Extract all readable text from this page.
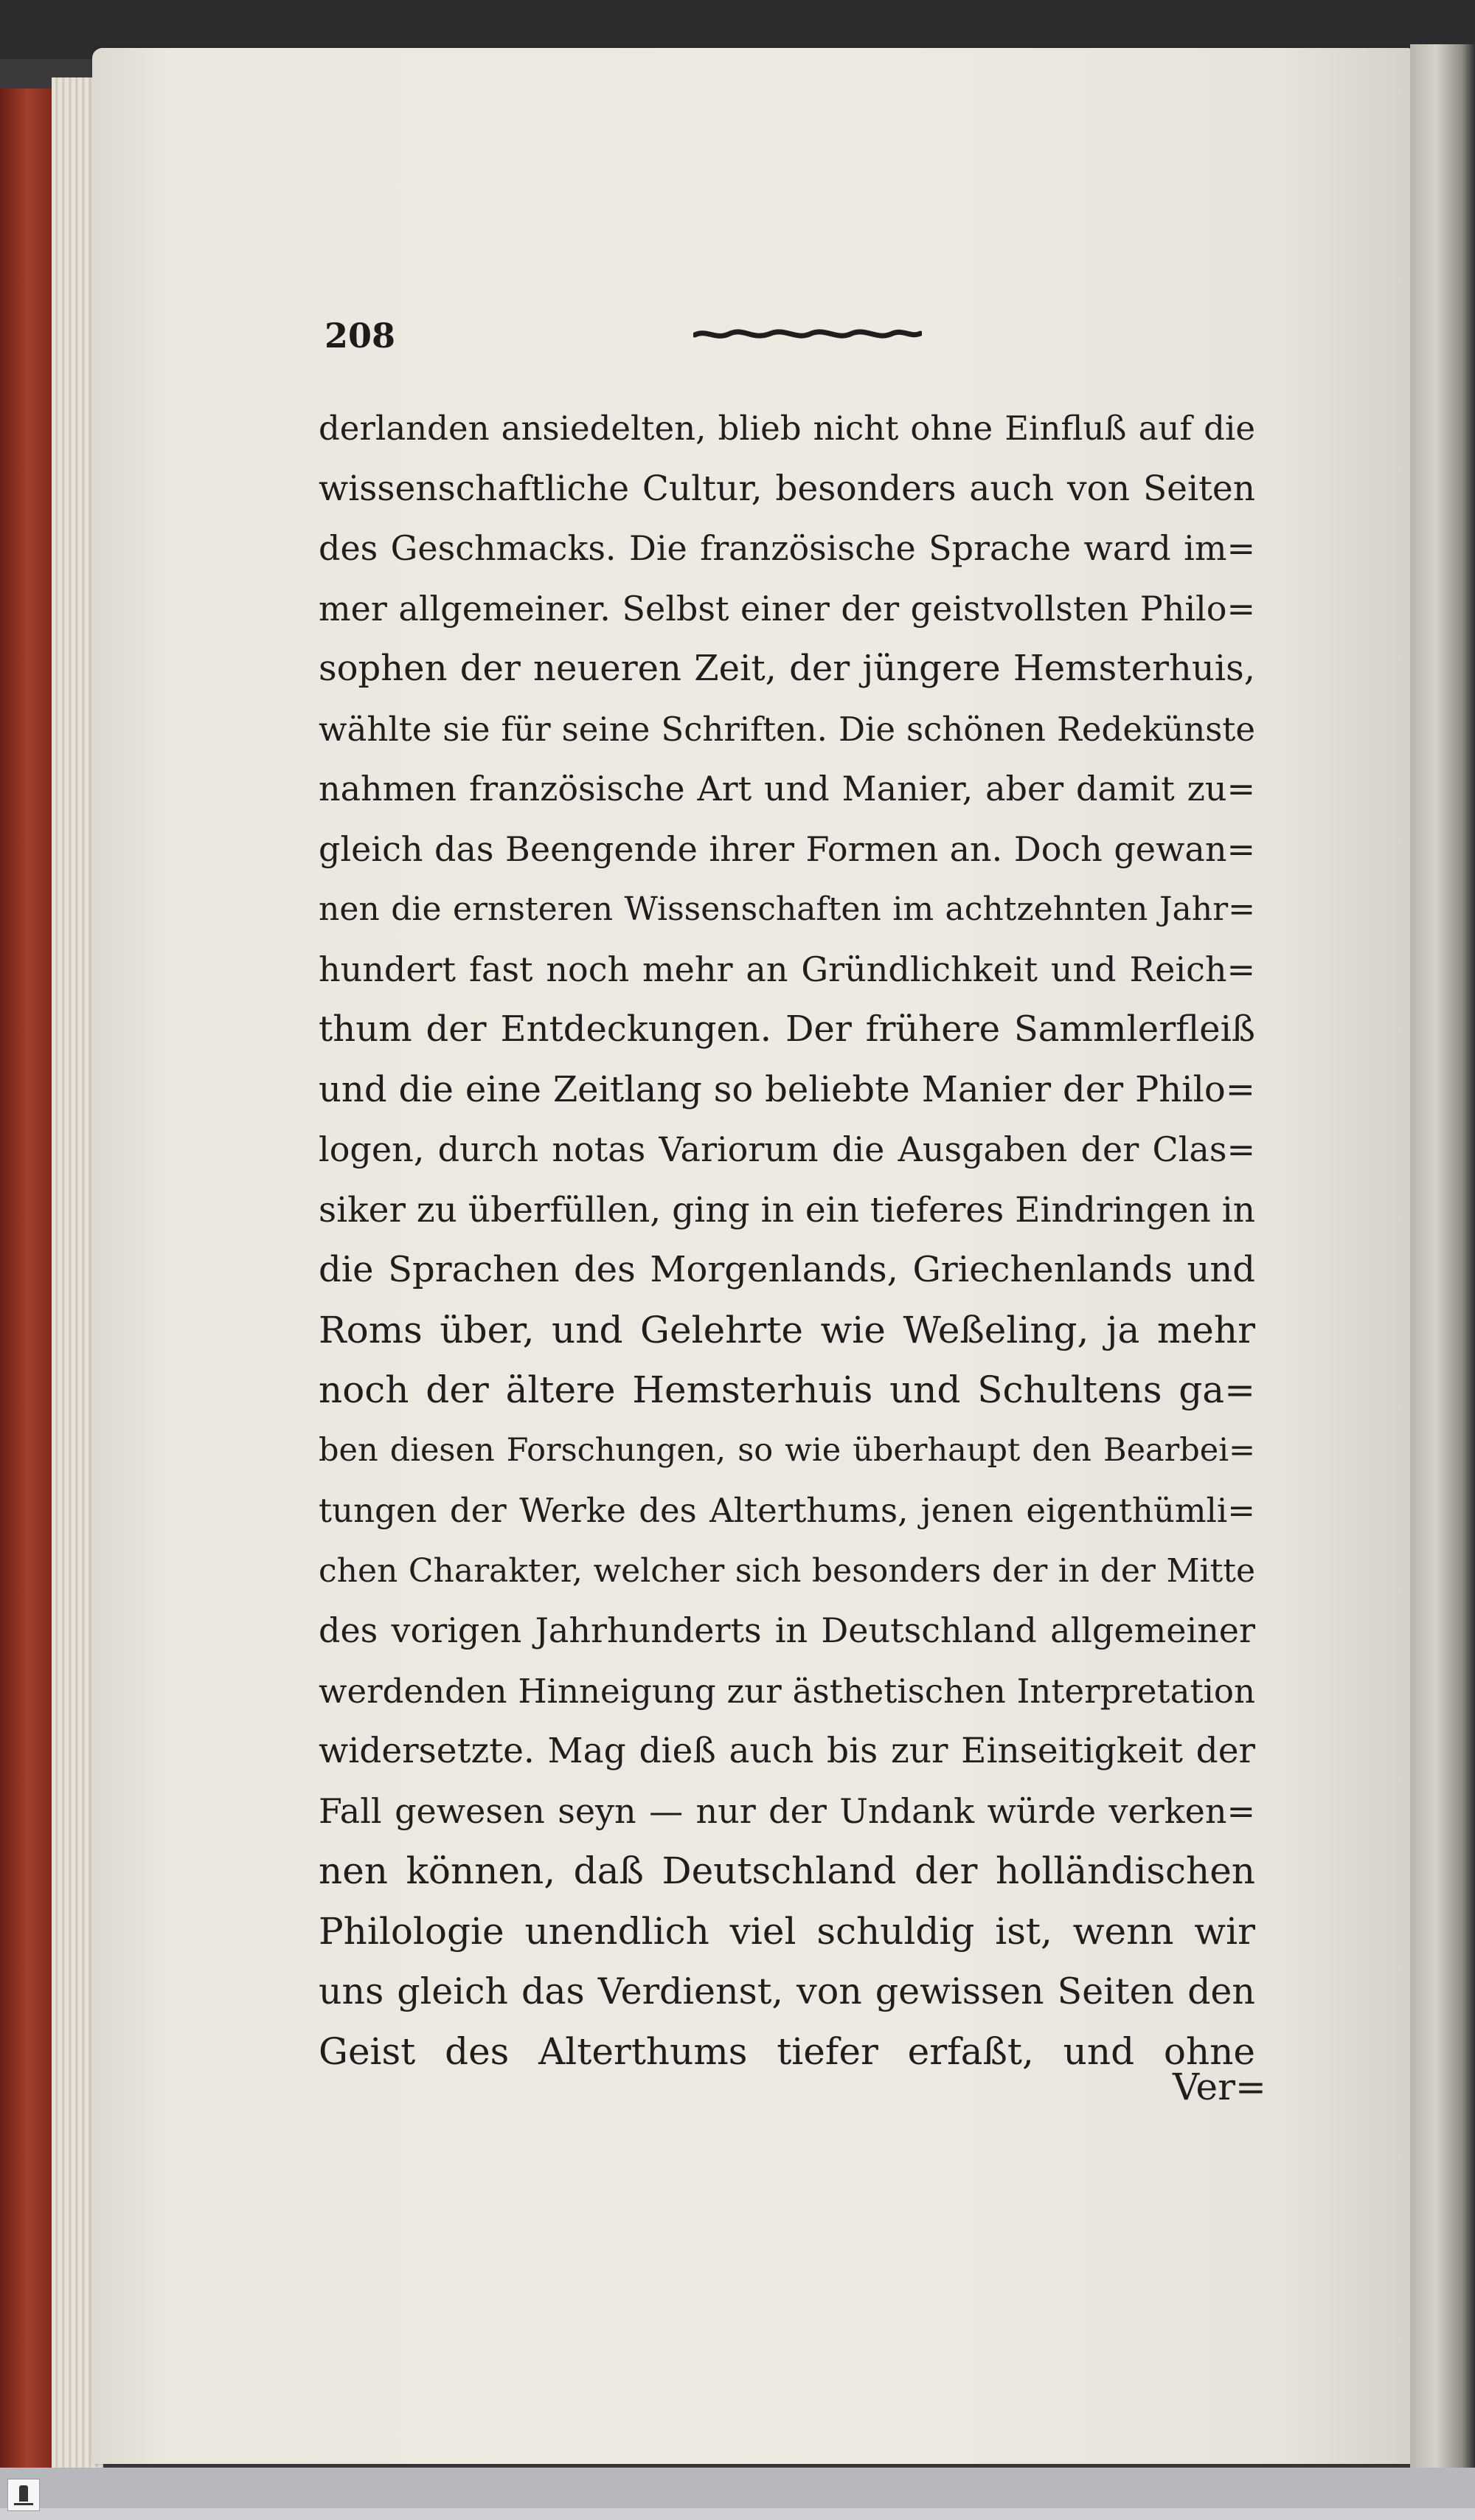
208
derlanden ansiedelten, blieb nicht ohne Einfluß auf die
wissenschaftliche Cultur, besonders auch von Seiten
des Geschmacks. Die französische Sprache ward im=
mer allgemeiner. Selbst einer der geistvollsten Philo=
sophen der neueren Zeit, der jüngere Hemsterhuis,
wählte sie für seine Schriften. Die schönen Redekünste
nahmen französische Art und Manier, aber damit zu=
gleich das Beengende ihrer Formen an. Doch gewan=
nen die ernsteren Wissenschaften im achtzehnten Jahr=
hundert fast noch mehr an Gründlichkeit und Reich=
thum der Entdeckungen. Der frühere Sammlerfleiß
und die eine Zeitlang so beliebte Manier der Philo=
logen, durch notas Variorum die Ausgaben der Clas=
siker zu überfüllen, ging in ein tieferes Eindringen in
die Sprachen des Morgenlands, Griechenlands und
Roms über, und Gelehrte wie Weßeling, ja mehr
noch der ältere Hemsterhuis und Schultens ga=
ben diesen Forschungen, so wie überhaupt den Bearbei=
tungen der Werke des Alterthums, jenen eigenthümli=
chen Charakter, welcher sich besonders der in der Mitte
des vorigen Jahrhunderts in Deutschland allgemeiner
werdenden Hinneigung zur ästhetischen Interpretation
widersetzte. Mag dieß auch bis zur Einseitigkeit der
Fall gewesen seyn — nur der Undank würde verken=
nen können, daß Deutschland der holländischen
Philologie unendlich viel schuldig ist, wenn wir
uns gleich das Verdienst, von gewissen Seiten den
Geist des Alterthums tiefer erfaßt, und ohne
Ver=
